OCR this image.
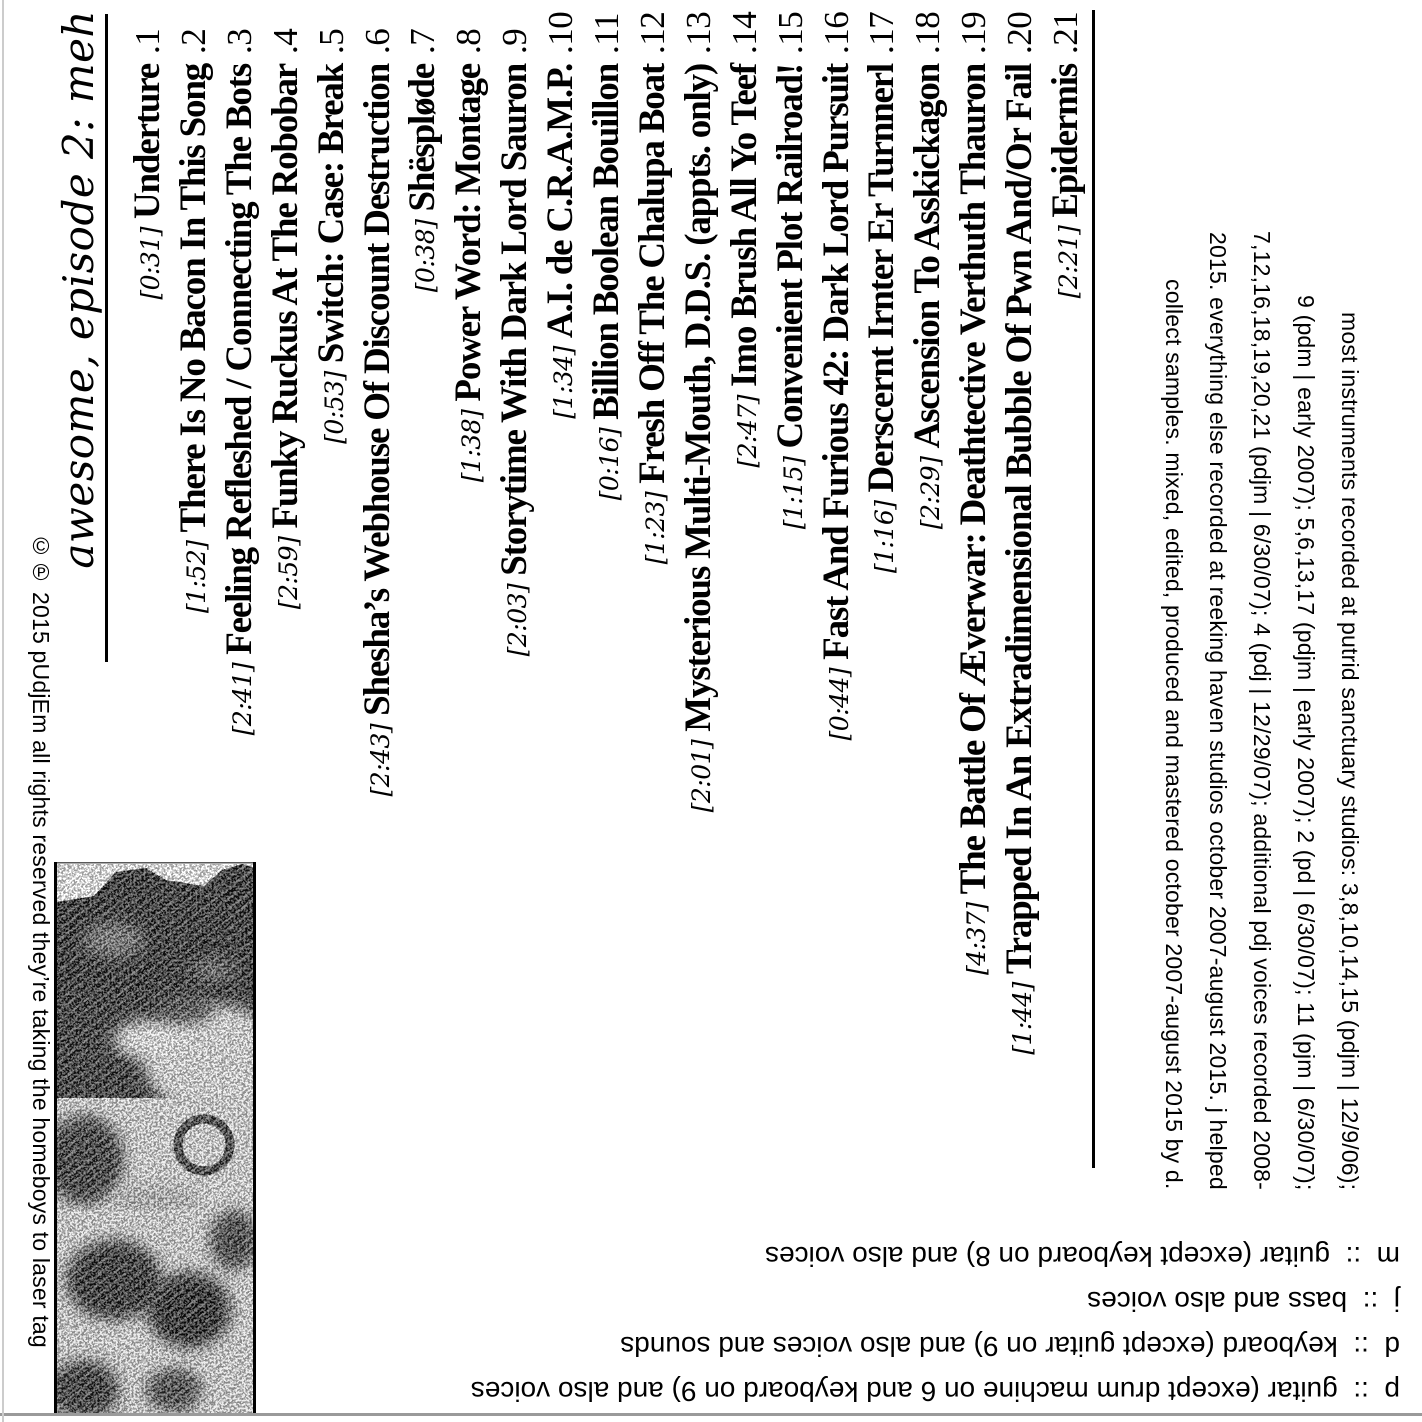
awesome, episode 2: meh	[0:31]Underture.1
[1:52]There Is No Bacon In This Song.2
[2:41]Feeling Refleshed / Connecting The Bots.3
[2:59]Funky Ruckus At The Robobar.4
[0:53]Switch: Case: Break.5
[2:43]Shesha’s Webhouse Of Discount Destruction.6
[0:38]Shëspløde.7
[1:38]Power Word: Montage.8
[2:03]Storytime With Dark Lord Sauron.9
[1:34]A.I. de C.R.A.M.P..10
[0:16]Billion Boolean Bouillon.11
[1:23]Fresh Off The Chalupa Boat.12
[2:01]Mysterious Multi-Mouth, D.D.S. (appts. only).13
[2:47]Imo Brush All Yo Teef.14
[1:15]Convenient Plot Railroad!.15
[0:44]Fast And Furious 42: Dark Lord Pursuit.16
[1:16]Derscernt Irnter Er Turnnerl.17
[2:29]Ascension To Asskickagon.18
[4:37]The Battle Of Æverwar: Deathtective Verthuth Thauron.19
[1:44]Trapped In An Extradimensional Bubble Of Pwn And/Or Fail.20
[2:21]Epidermis.21
most instruments recorded at putrid sanctuary studios: 3,8,10,14,15 (pdjm | 12/9/06);
9 (pdm | early 2007); 5,6,13,17 (pdjm | early 2007); 2 (pd | 6/30/07); 11 (pjm | 6/30/07);
7,12,16,18,19,20,21 (pdjm | 6/30/07); 4 (pdj | 12/29/07); additional pdj voices recorded 2008-
2015. everything else recorded at reeking haven studios october 2007-august 2015. j helped
collect samples. mixed, edited, produced and mastered october 2007-august 2015 by d.
©℗ 2015 pUdjEm all rights reserved they’re taking the homeboys to laser tag
p  ::  guitar (except drum machine on 6 and keyboard on 9) and also voices
d  ::  keyboard (except guitar on 9) and also voices and sounds
j  ::  bass and also voices
m  ::  guitar (except keyboard on 8) and also voices
